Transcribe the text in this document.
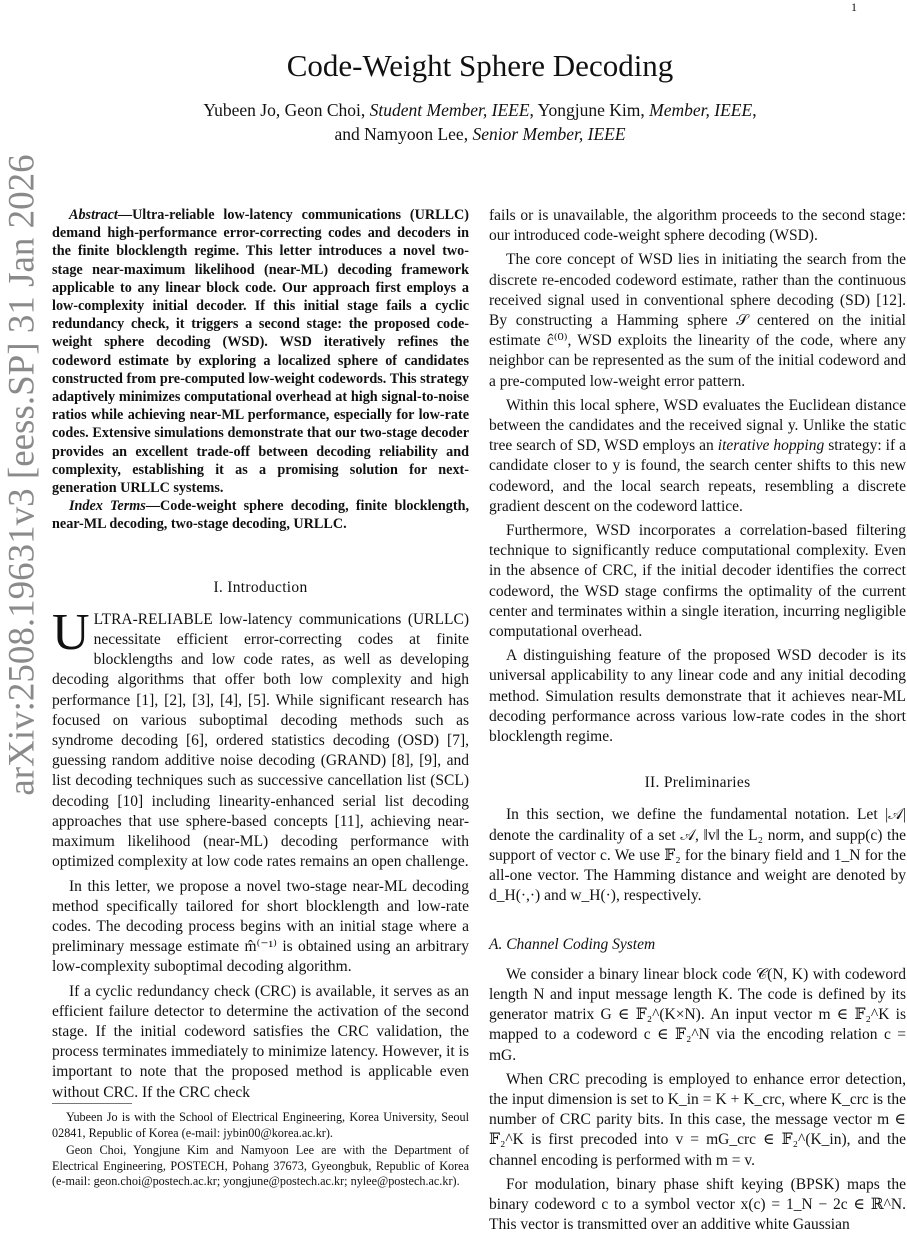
1
arXiv:2508.19631v3 [eess.SP] 31 Jan 2026
Code-Weight Sphere Decoding
Yubeen Jo, Geon Choi, Student Member, IEEE, Yongjune Kim, Member, IEEE,
and Namyoon Lee, Senior Member, IEEE

Abstract—Ultra-reliable low-latency communications (URLLC) demand high-performance error-correcting codes and decoders in the finite blocklength regime. This letter introduces a novel two-stage near-maximum likelihood (near-ML) decoding framework applicable to any linear block code. Our approach first employs a low-complexity initial decoder. If this initial stage fails a cyclic redundancy check, it triggers a second stage: the proposed code-weight sphere decoding (WSD). WSD iteratively refines the codeword estimate by exploring a localized sphere of candidates constructed from pre-computed low-weight codewords. This strategy adaptively minimizes computational overhead at high signal-to-noise ratios while achieving near-ML performance, especially for low-rate codes. Extensive simulations demonstrate that our two-stage decoder provides an excellent trade-off between decoding reliability and complexity, establishing it as a promising solution for next-generation URLLC systems.

Index Terms—Code-weight sphere decoding, finite blocklength, near-ML decoding, two-stage decoding, URLLC.

I. Introduction

ULTRA-RELIABLE low-latency communications (URLLC) necessitate efficient error-correcting codes at finite blocklengths and low code rates, as well as developing decoding algorithms that offer both low complexity and high performance [1], [2], [3], [4], [5]. While significant research has focused on various suboptimal decoding methods such as syndrome decoding [6], ordered statistics decoding (OSD) [7], guessing random additive noise decoding (GRAND) [8], [9], and list decoding techniques such as successive cancellation list (SCL) decoding [10] including linearity-enhanced serial list decoding approaches that use sphere-based concepts [11], achieving near-maximum likelihood (near-ML) decoding performance with optimized complexity at low code rates remains an open challenge.

In this letter, we propose a novel two-stage near-ML decoding method specifically tailored for short blocklength and low-rate codes. The decoding process begins with an initial stage where a preliminary message estimate m̂⁽⁻¹⁾ is obtained using an arbitrary low-complexity suboptimal decoding algorithm.

If a cyclic redundancy check (CRC) is available, it serves as an efficient failure detector to determine the activation of the second stage. If the initial codeword satisfies the CRC validation, the process terminates immediately to minimize latency. However, it is important to note that the proposed method is applicable even without CRC. If the CRC check

Yubeen Jo is with the School of Electrical Engineering, Korea University, Seoul 02841, Republic of Korea (e-mail: jybin00@korea.ac.kr).

Geon Choi, Yongjune Kim and Namyoon Lee are with the Department of Electrical Engineering, POSTECH, Pohang 37673, Gyeongbuk, Republic of Korea (e-mail: geon.choi@postech.ac.kr; yongjune@postech.ac.kr; nylee@postech.ac.kr).

fails or is unavailable, the algorithm proceeds to the second stage: our introduced code-weight sphere decoding (WSD).

The core concept of WSD lies in initiating the search from the discrete re-encoded codeword estimate, rather than the continuous received signal used in conventional sphere decoding (SD) [12]. By constructing a Hamming sphere 𝒮 centered on the initial estimate ĉ⁽⁰⁾, WSD exploits the linearity of the code, where any neighbor can be represented as the sum of the initial codeword and a pre-computed low-weight error pattern.

Within this local sphere, WSD evaluates the Euclidean distance between the candidates and the received signal y. Unlike the static tree search of SD, WSD employs an iterative hopping strategy: if a candidate closer to y is found, the search center shifts to this new codeword, and the local search repeats, resembling a discrete gradient descent on the codeword lattice.

Furthermore, WSD incorporates a correlation-based filtering technique to significantly reduce computational complexity. Even in the absence of CRC, if the initial decoder identifies the correct codeword, the WSD stage confirms the optimality of the current center and terminates within a single iteration, incurring negligible computational overhead.

A distinguishing feature of the proposed WSD decoder is its universal applicability to any linear code and any initial decoding method. Simulation results demonstrate that it achieves near-ML decoding performance across various low-rate codes in the short blocklength regime.

II. Preliminaries

In this section, we define the fundamental notation. Let |𝒜| denote the cardinality of a set 𝒜, ‖v‖ the L₂ norm, and supp(c) the support of vector c. We use 𝔽₂ for the binary field and 1_N for the all-one vector. The Hamming distance and weight are denoted by d_H(·,·) and w_H(·), respectively.

A. Channel Coding System

We consider a binary linear block code 𝒞(N, K) with codeword length N and input message length K. The code is defined by its generator matrix G ∈ 𝔽₂^(K×N). An input vector m ∈ 𝔽₂^K is mapped to a codeword c ∈ 𝔽₂^N via the encoding relation c = mG.

When CRC precoding is employed to enhance error detection, the input dimension is set to K_in = K + K_crc, where K_crc is the number of CRC parity bits. In this case, the message vector m ∈ 𝔽₂^K is first precoded into v = mG_crc ∈ 𝔽₂^(K_in), and the channel encoding is performed with m = v.

For modulation, binary phase shift keying (BPSK) maps the binary codeword c to a symbol vector x(c) = 1_N − 2c ∈ ℝ^N. This vector is transmitted over an additive white Gaussian
